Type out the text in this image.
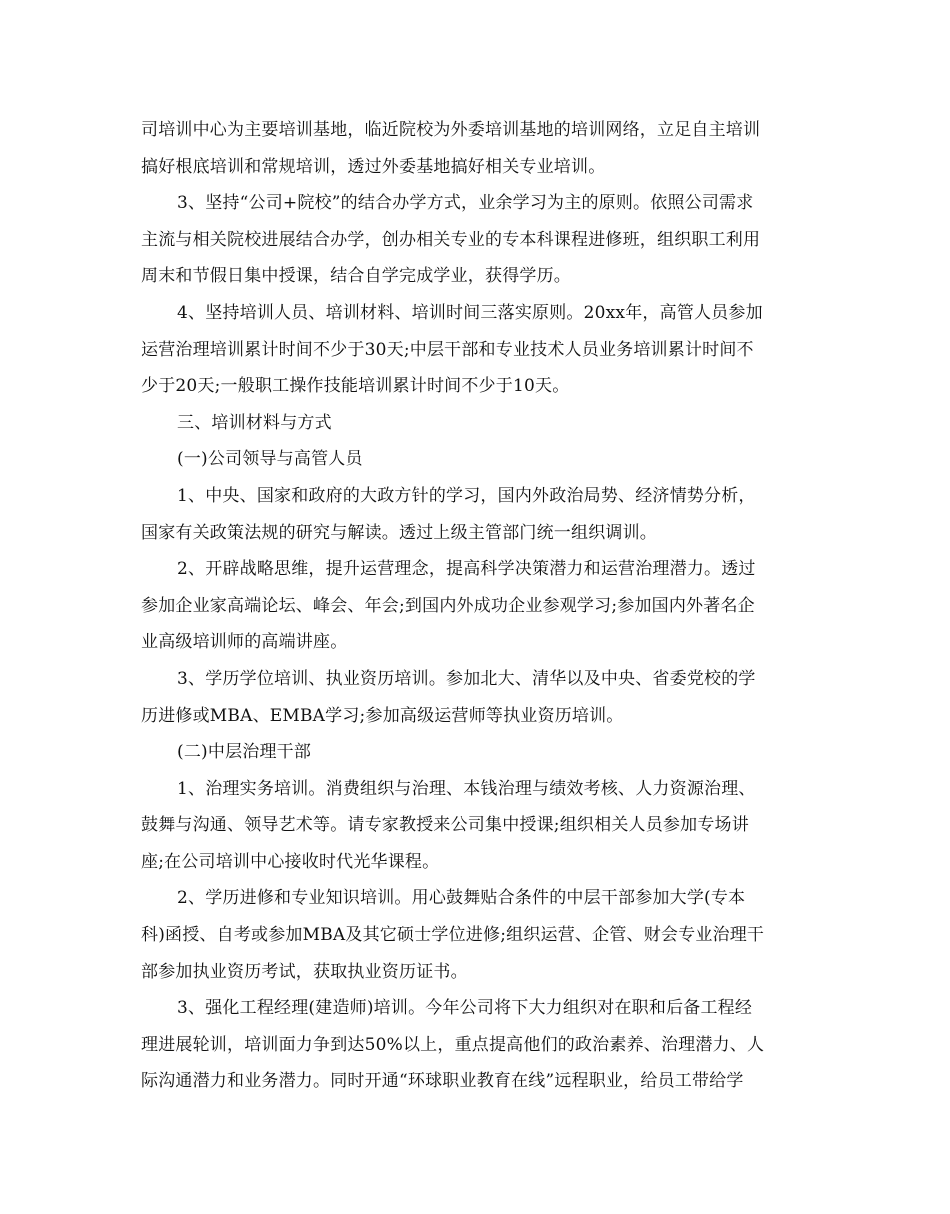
司培训中心为主要培训基地，临近院校为外委培训基地的培训网络，立足自主培训
搞好根底培训和常规培训，透过外委基地搞好相关专业培训。
3、坚持“公司+院校”的结合办学方式，业余学习为主的原则。依照公司需求
主流与相关院校进展结合办学，创办相关专业的专本科课程进修班，组织职工利用
周末和节假日集中授课，结合自学完成学业，获得学历。
4、坚持培训人员、培训材料、培训时间三落实原则。20xx年，高管人员参加
运营治理培训累计时间不少于30天;中层干部和专业技术人员业务培训累计时间不
少于20天;一般职工操作技能培训累计时间不少于10天。
三、培训材料与方式
(一)公司领导与高管人员
1、中央、国家和政府的大政方针的学习，国内外政治局势、经济情势分析，
国家有关政策法规的研究与解读。透过上级主管部门统一组织调训。
2、开辟战略思维，提升运营理念，提高科学决策潜力和运营治理潜力。透过
参加企业家高端论坛、峰会、年会;到国内外成功企业参观学习;参加国内外著名企
业高级培训师的高端讲座。
3、学历学位培训、执业资历培训。参加北大、清华以及中央、省委党校的学
历进修或MBA、EMBA学习;参加高级运营师等执业资历培训。
(二)中层治理干部
1、治理实务培训。消费组织与治理、本钱治理与绩效考核、人力资源治理、
鼓舞与沟通、领导艺术等。请专家教授来公司集中授课;组织相关人员参加专场讲
座;在公司培训中心接收时代光华课程。
2、学历进修和专业知识培训。用心鼓舞贴合条件的中层干部参加大学(专本
科)函授、自考或参加MBA及其它硕士学位进修;组织运营、企管、财会专业治理干
部参加执业资历考试，获取执业资历证书。
3、强化工程经理(建造师)培训。今年公司将下大力组织对在职和后备工程经
理进展轮训，培训面力争到达50%以上，重点提高他们的政治素养、治理潜力、人
际沟通潜力和业务潜力。同时开通“环球职业教育在线”远程职业，给员工带给学
